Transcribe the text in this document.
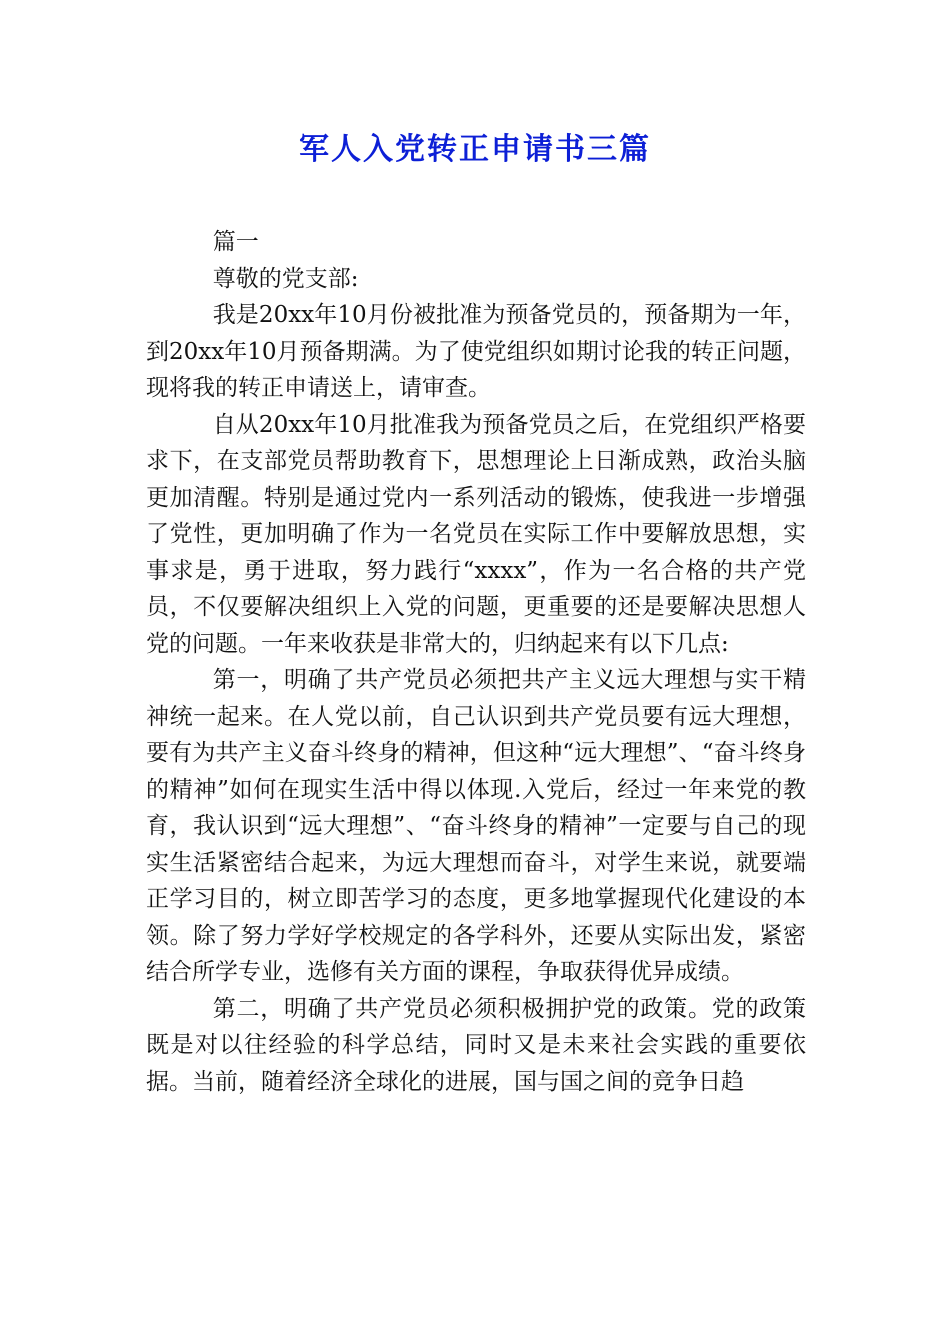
军人入党转正申请书三篇

篇一

尊敬的党支部:

我是20xx年10月份被批准为预备党员的，预备期为一年，到20xx年10月预备期满。为了使党组织如期讨论我的转正问题，现将我的转正申请送上，请审查。

自从20xx年10月批准我为预备党员之后，在党组织严格要求下，在支部党员帮助教育下，思想理论上日渐成熟，政治头脑更加清醒。特别是通过党内一系列活动的锻炼，使我进一步增强了党性，更加明确了作为一名党员在实际工作中要解放思想，实事求是，勇于进取，努力践行“xxxx”，作为一名合格的共产党员，不仅要解决组织上入党的问题，更重要的还是要解决思想人党的问题。一年来收获是非常大的，归纳起来有以下几点:

第一，明确了共产党员必须把共产主义远大理想与实干精神统一起来。在人党以前，自己认识到共产党员要有远大理想，要有为共产主义奋斗终身的精神，但这种“远大理想”、“奋斗终身的精神”如何在现实生活中得以体现.入党后，经过一年来党的教育，我认识到“远大理想”、“奋斗终身的精神”一定要与自己的现实生活紧密结合起来，为远大理想而奋斗，对学生来说，就要端正学习目的，树立即苦学习的态度，更多地掌握现代化建设的本领。除了努力学好学校规定的各学科外，还要从实际出发，紧密结合所学专业，选修有关方面的课程，争取获得优异成绩。

第二，明确了共产党员必须积极拥护党的政策。党的政策既是对以往经验的科学总结，同时又是未来社会实践的重要依据。当前，随着经济全球化的进展，国与国之间的竞争日趋
